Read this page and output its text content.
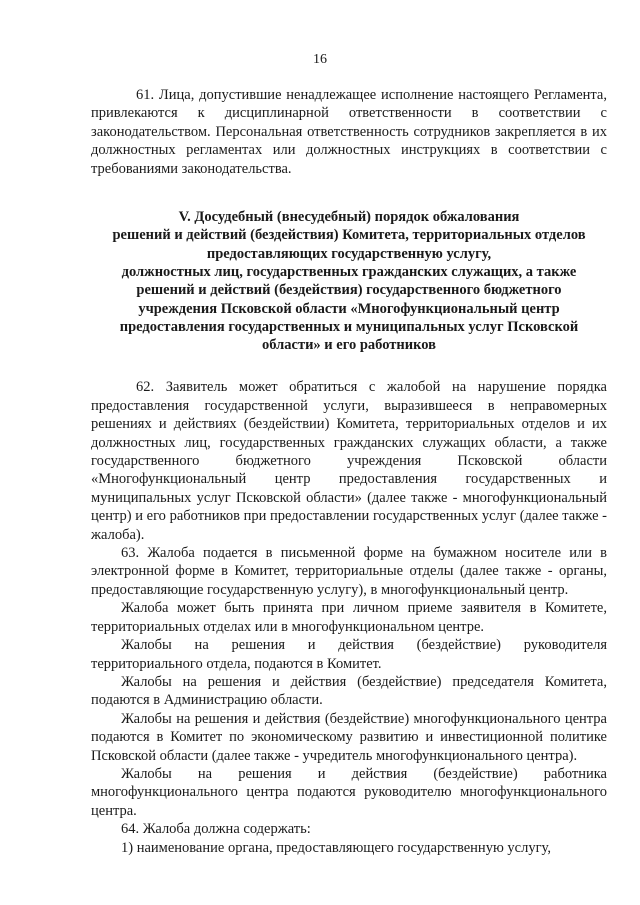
16

61. Лица, допустившие ненадлежащее исполнение настоящего Регламента, привлекаются к дисциплинарной ответственности в соответствии с законодательством. Персональная ответственность сотрудников закрепляется в их должностных регламентах или должностных инструкциях в соответствии с требованиями законодательства.

V. Досудебный (внесудебный) порядок обжалования
решений и действий (бездействия) Комитета, территориальных отделов
предоставляющих государственную услугу,
должностных лиц, государственных гражданских служащих, а также
решений и действий (бездействия) государственного бюджетного
учреждения Псковской области «Многофункциональный центр
предоставления государственных и муниципальных услуг Псковской
области» и его работников

62. Заявитель может обратиться с жалобой на нарушение порядка предоставления государственной услуги, выразившееся в неправомерных решениях и действиях (бездействии) Комитета, территориальных отделов и их должностных лиц, государственных гражданских служащих области, а также государственного бюджетного учреждения Псковской области «Многофункциональный центр предоставления государственных и муниципальных услуг Псковской области» (далее также - многофункциональный центр) и его работников при предоставлении государственных услуг (далее также - жалоба).

63. Жалоба подается в письменной форме на бумажном носителе или в электронной форме в Комитет, территориальные отделы (далее также - органы, предоставляющие государственную услугу), в многофункциональный центр.

Жалоба может быть принята при личном приеме заявителя в Комитете, территориальных отделах или в многофункциональном центре.

Жалобы на решения и действия (бездействие) руководителя территориального отдела, подаются в Комитет.

Жалобы на решения и действия (бездействие) председателя Комитета, подаются в Администрацию области.

Жалобы на решения и действия (бездействие) многофункционального центра подаются в Комитет по экономическому развитию и инвестиционной политике Псковской области (далее также - учредитель многофункционального центра).

Жалобы на решения и действия (бездействие) работника многофункционального центра подаются руководителю многофункционального центра.

64. Жалоба должна содержать:

1) наименование органа, предоставляющего государственную услугу,
